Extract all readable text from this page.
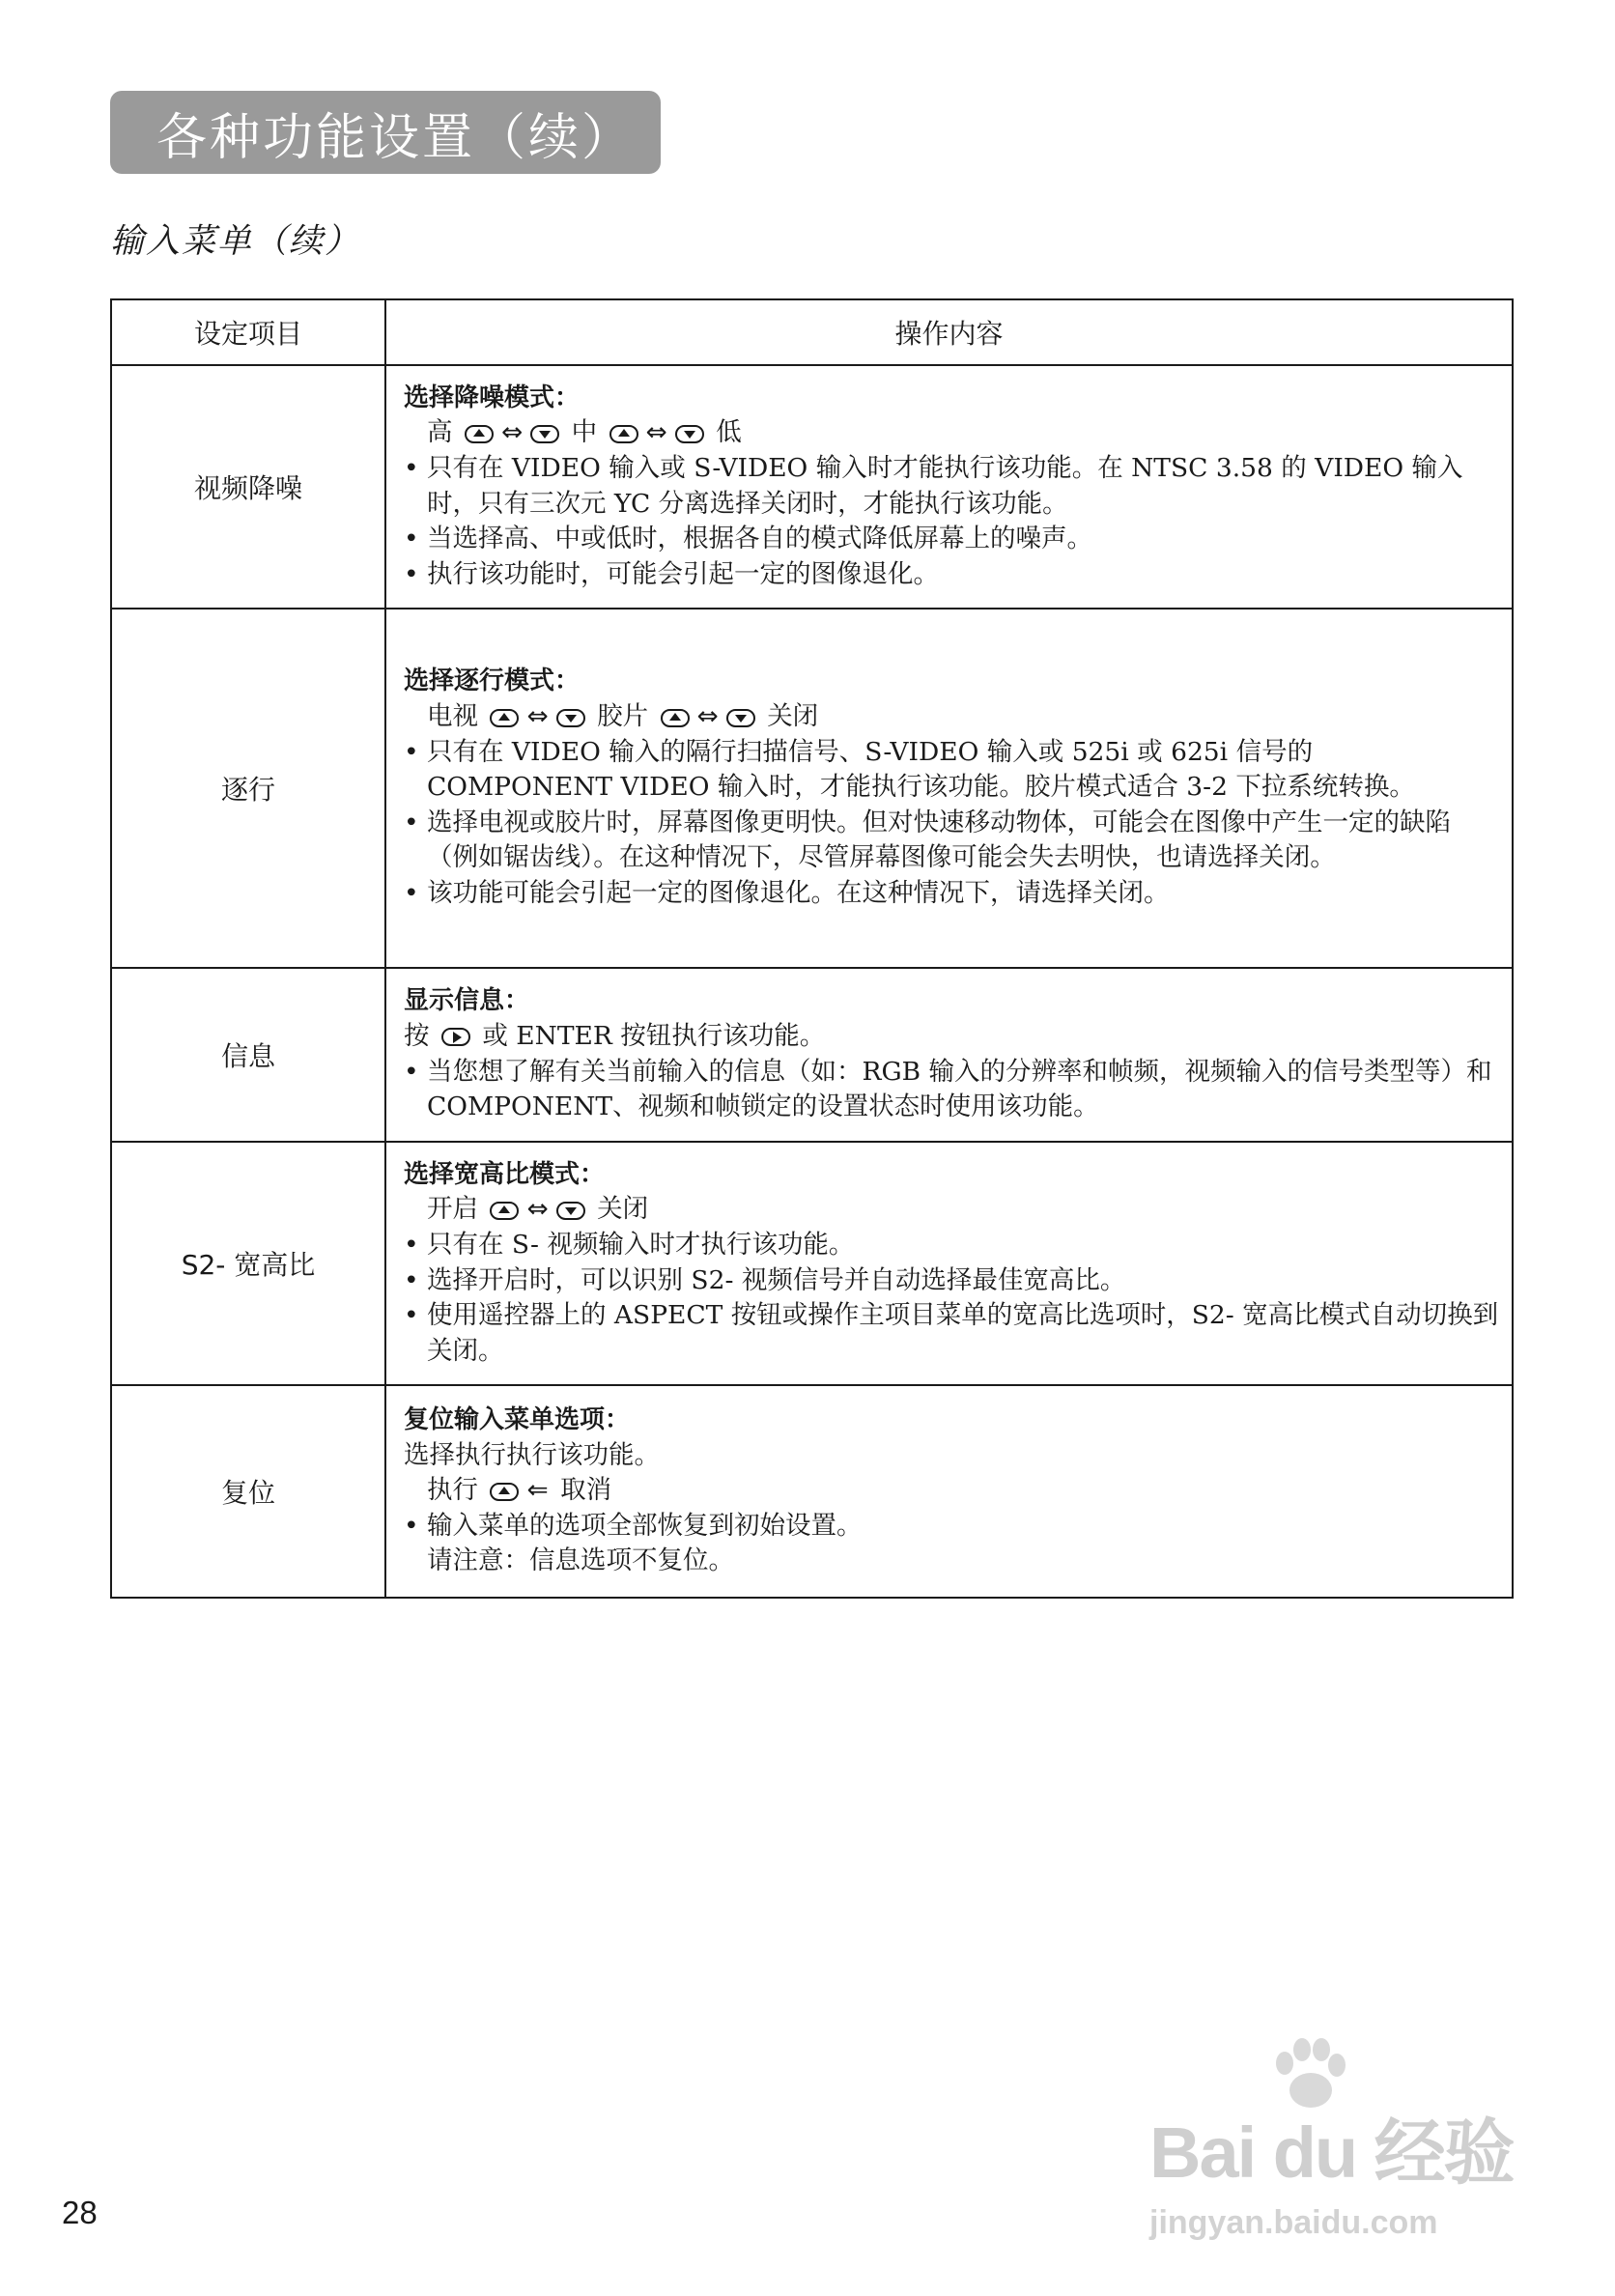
各种功能设置（续）
输入菜单（续）
设定项目	操作内容
视频降噪	选择降噪模式：
高 ⇔ 中 ⇔ 低
• 只有在 VIDEO 输入或 S-VIDEO 输入时才能执行该功能。在 NTSC 3.58 的 VIDEO 输入时，只有三次元 YC 分离选择关闭时，才能执行该功能。
• 当选择高、中或低时，根据各自的模式降低屏幕上的噪声。
• 执行该功能时，可能会引起一定的图像退化。

逐行	选择逐行模式：
电视 ⇔ 胶片 ⇔ 关闭
• 只有在 VIDEO 输入的隔行扫描信号、S-VIDEO 输入或 525i 或 625i 信号的 COMPONENT VIDEO 输入时，才能执行该功能。胶片模式适合 3-2 下拉系统转换。
• 选择电视或胶片时，屏幕图像更明快。但对快速移动物体，可能会在图像中产生一定的缺陷（例如锯齿线）。在这种情况下，尽管屏幕图像可能会失去明快，也请选择关闭。
• 该功能可能会引起一定的图像退化。在这种情况下，请选择关闭。

信息	显示信息：
按 或 ENTER 按钮执行该功能。
• 当您想了解有关当前输入的信息（如：RGB 输入的分辨率和帧频，视频输入的信号类型等）和 COMPONENT、视频和帧锁定的设置状态时使用该功能。

S2- 宽高比	选择宽高比模式：
开启 ⇔ 关闭
• 只有在 S- 视频输入时才执行该功能。
• 选择开启时，可以识别 S2- 视频信号并自动选择最佳宽高比。
• 使用遥控器上的 ASPECT 按钮或操作主项目菜单的宽高比选项时，S2- 宽高比模式自动切换到关闭。

复位	复位输入菜单选项：
选择执行执行该功能。
执行 ⇐ 取消
• 输入菜单的选项全部恢复到初始设置。
请注意：信息选项不复位。
28
Bai du 经验
jingyan.baidu.com
